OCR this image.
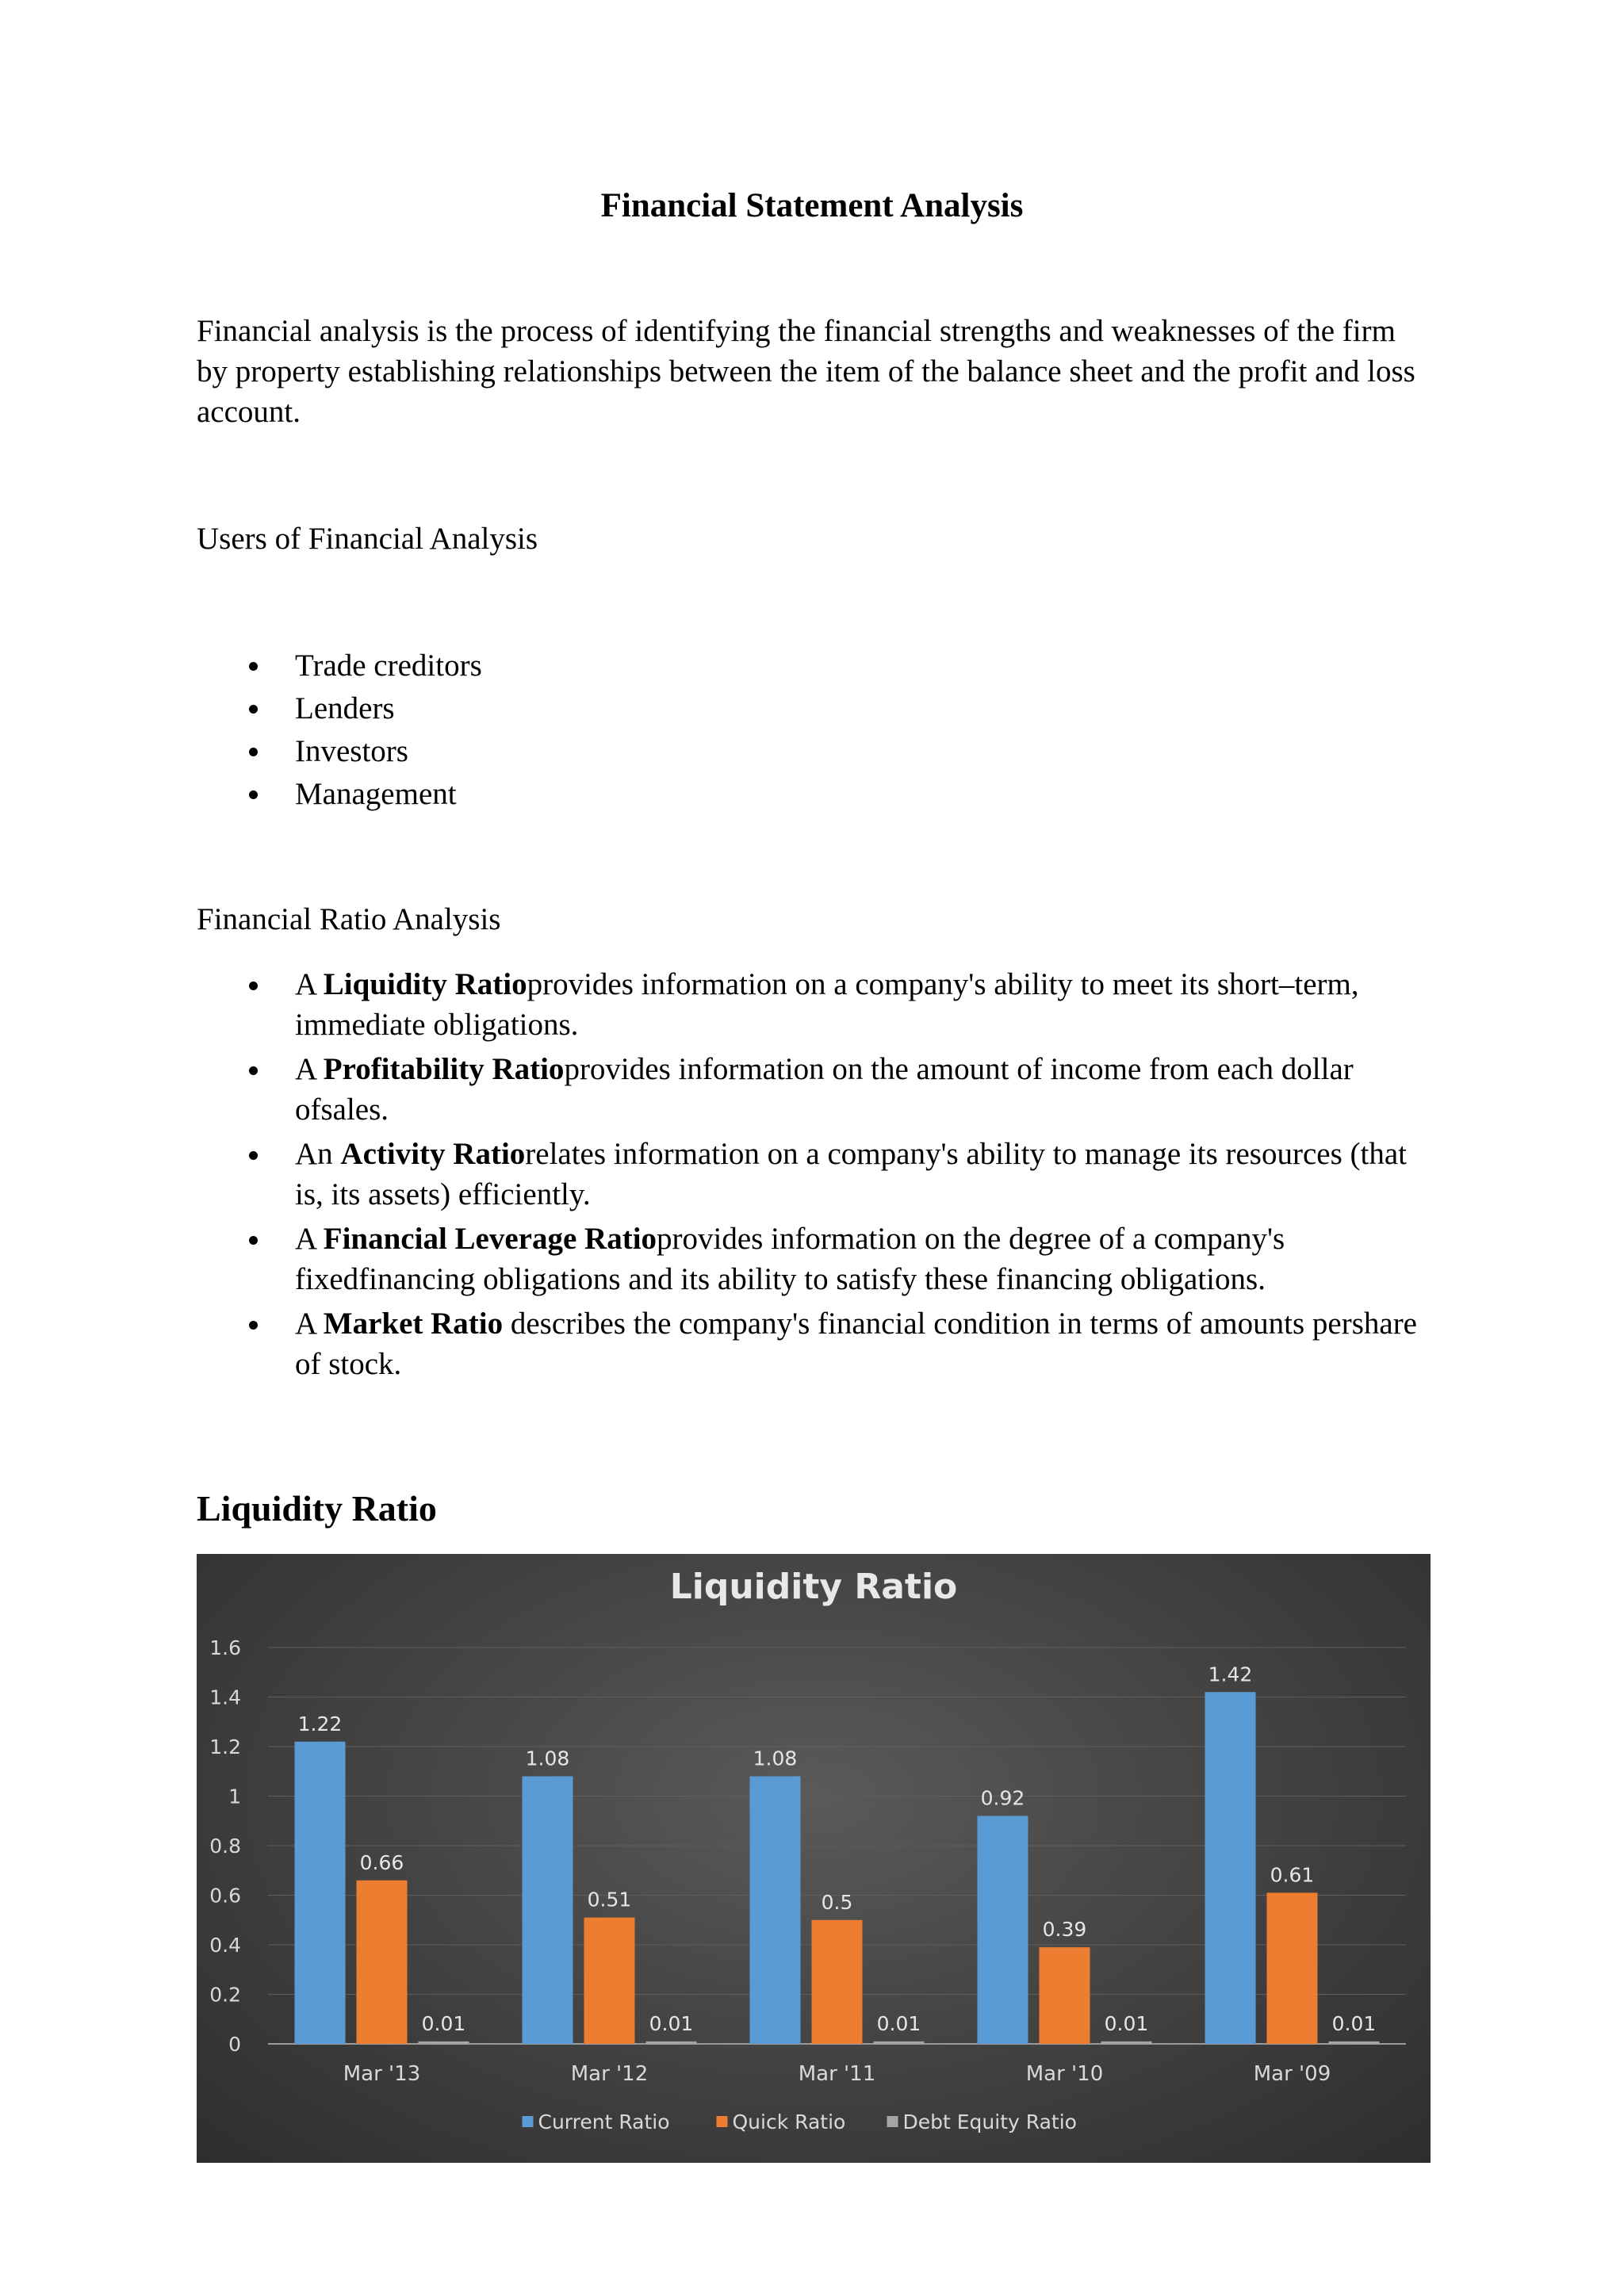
Financial Statement Analysis
Financial analysis is the process of identifying the financial strengths and weaknesses of the firm by property establishing relationships between the item of the balance sheet and the profit and loss account.
Users of Financial Analysis
Trade creditors
Lenders
Investors
Management
Financial Ratio Analysis
A Liquidity Ratioprovides information on a company's ability to meet its short–term, immediate obligations.
A Profitability Ratioprovides information on the amount of income from each dollar ofsales.
An Activity Ratiorelates information on a company's ability to manage its resources (that is, its assets) efficiently.
A Financial Leverage Ratioprovides information on the degree of a company's fixedfinancing obligations and its ability to satisfy these financing obligations.
A Market Ratio describes the company's financial condition in terms of amounts pershare of stock.
Liquidity Ratio
Liquidity Ratio
0
0.2
0.4
0.6
0.8
1
1.2
1.4
1.6
1.22
0.66
0.01
Mar '13
1.08
0.51
0.01
Mar '12
1.08
0.5
0.01
Mar '11
0.92
0.39
0.01
Mar '10
1.42
0.61
0.01
Mar '09
Current Ratio	Quick Ratio	Debt Equity Ratio
